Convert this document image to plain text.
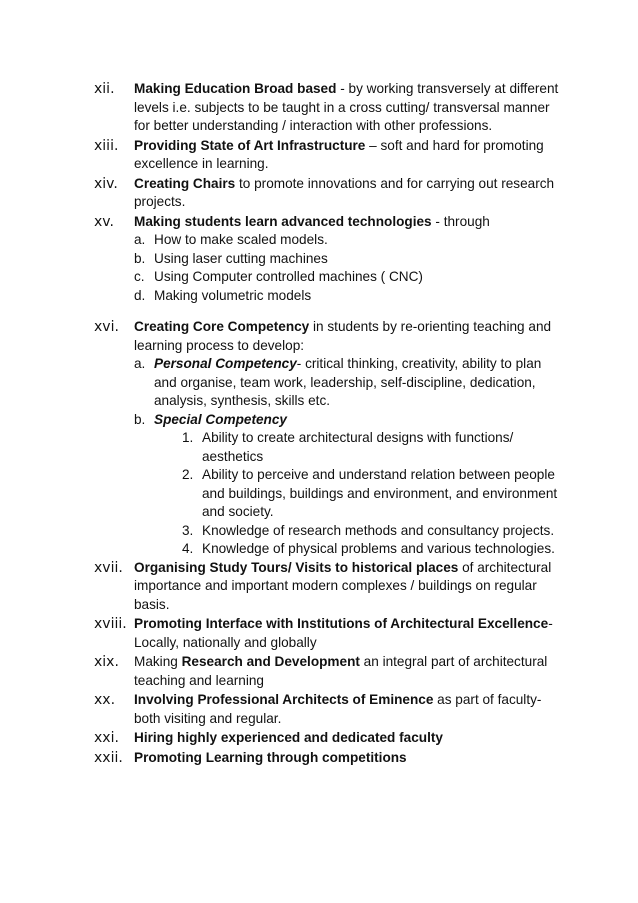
xii. Making Education Broad based - by working transversely at different levels i.e. subjects to be taught in a cross cutting/ transversal manner for better understanding / interaction with other professions.
xiii. Providing State of Art Infrastructure – soft and hard for promoting excellence in learning.
xiv. Creating Chairs to promote innovations and for carrying out research projects.
xv. Making students learn advanced technologies - through
a. How to make scaled models.
b. Using laser cutting machines
c. Using Computer controlled machines ( CNC)
d. Making volumetric models
xvi. Creating Core Competency in students by re-orienting teaching and learning process to develop:
a. Personal Competency- critical thinking, creativity, ability to plan and organise, team work, leadership, self-discipline, dedication, analysis, synthesis, skills etc.
b. Special Competency
1. Ability to create architectural designs with functions/ aesthetics
2. Ability to perceive and understand relation between people and buildings, buildings and environment, and environment and society.
3. Knowledge of research methods and consultancy projects.
4. Knowledge of physical problems and various technologies.
xvii. Organising Study Tours/ Visits to historical places of architectural importance and important modern complexes / buildings on regular basis.
xviii. Promoting Interface with Institutions of Architectural Excellence-Locally, nationally and globally
xix. Making Research and Development an integral part of architectural teaching and learning
xx. Involving Professional Architects of Eminence as part of faculty- both visiting and regular.
xxi. Hiring highly experienced and dedicated faculty
xxii. Promoting Learning through competitions
